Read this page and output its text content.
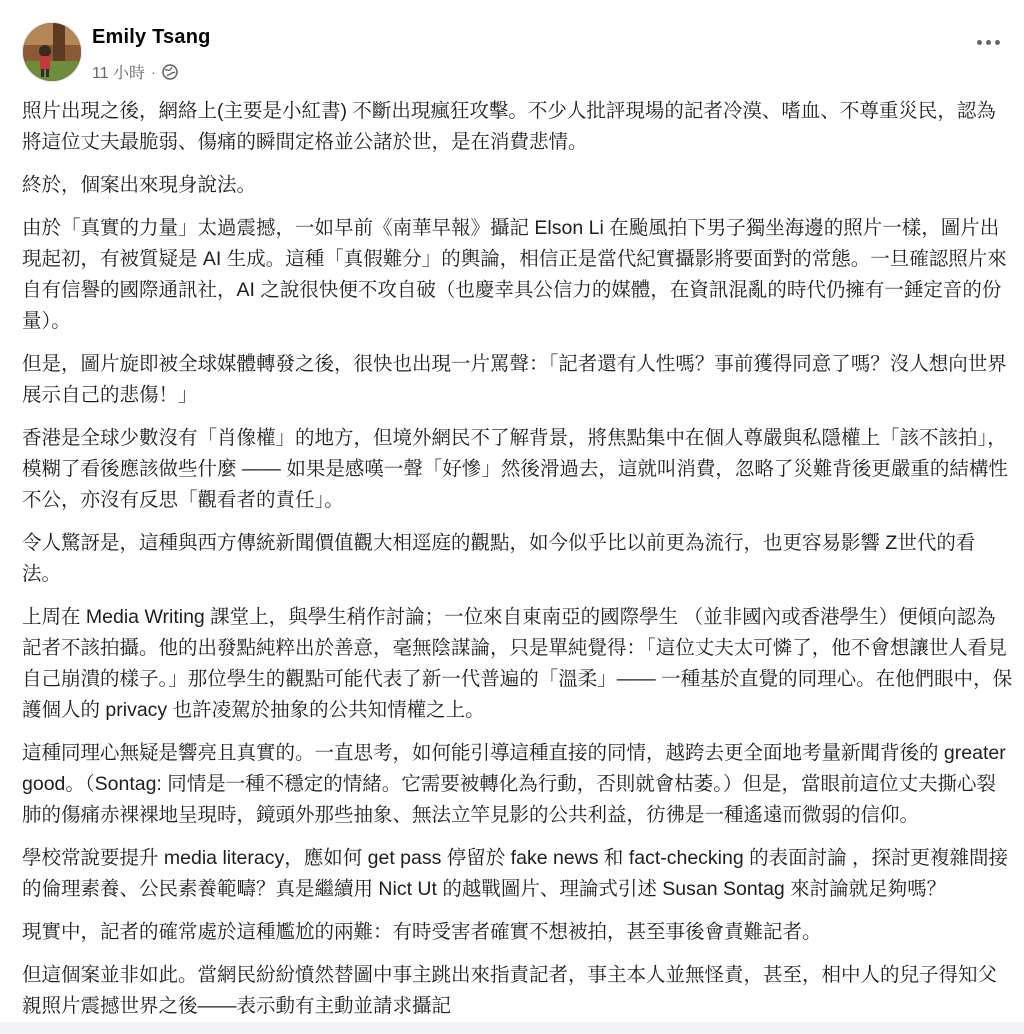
Emily Tsang
11 小時 ·

照片出現之後，網絡上(主要是小紅書) 不斷出現瘋狂攻擊。不少人批評現場的記者冷漠、嗜血、不尊重災民，認為將這位丈夫最脆弱、傷痛的瞬間定格並公諸於世，是在消費悲情。

終於，個案出來現身說法。

由於「真實的力量」太過震撼，一如早前《南華早報》攝記 Elson Li 在颱風拍下男子獨坐海邊的照片一樣，圖片出現起初，有被質疑是 AI 生成。這種「真假難分」的輿論，相信正是當代紀實攝影將要面對的常態。一旦確認照片來自有信譽的國際通訊社，AI 之說很快便不攻自破（也慶幸具公信力的媒體，在資訊混亂的時代仍擁有一錘定音的份量）。

但是，圖片旋即被全球媒體轉發之後，很快也出現一片罵聲：「記者還有人性嗎？事前獲得同意了嗎？沒人想向世界展示自己的悲傷！」

香港是全球少數沒有「肖像權」的地方，但境外網民不了解背景，將焦點集中在個人尊嚴與私隱權上「該不該拍」，模糊了看後應該做些什麼 —— 如果是感嘆一聲「好慘」然後滑過去，這就叫消費，忽略了災難背後更嚴重的結構性不公，亦沒有反思「觀看者的責任」。

令人驚訝是，這種與西方傳統新聞價值觀大相逕庭的觀點，如今似乎比以前更為流行，也更容易影響 Z世代的看法。

上周在 Media Writing 課堂上，與學生稍作討論；一位來自東南亞的國際學生 （並非國內或香港學生）便傾向認為記者不該拍攝。他的出發點純粹出於善意，毫無陰謀論，只是單純覺得：「這位丈夫太可憐了，他不會想讓世人看見自己崩潰的樣子。」那位學生的觀點可能代表了新一代普遍的「溫柔」—— 一種基於直覺的同理心。在他們眼中，保護個人的 privacy 也許凌駕於抽象的公共知情權之上。

這種同理心無疑是響亮且真實的。一直思考，如何能引導這種直接的同情，越跨去更全面地考量新聞背後的 greater good。（Sontag: 同情是一種不穩定的情緒。它需要被轉化為行動，否則就會枯萎。）但是，當眼前這位丈夫撕心裂肺的傷痛赤裸裸地呈現時，鏡頭外那些抽象、無法立竿見影的公共利益，彷彿是一種遙遠而微弱的信仰。

學校常說要提升 media literacy，應如何 get pass 停留於 fake news 和 fact-checking 的表面討論 ，探討更複雜間接的倫理素養、公民素養範疇？真是繼續用 Nict Ut 的越戰圖片、理論式引述 Susan Sontag 來討論就足夠嗎？

現實中，記者的確常處於這種尷尬的兩難：有時受害者確實不想被拍，甚至事後會責難記者。

但這個案並非如此。當網民紛紛憤然替圖中事主跳出來指責記者，事主本人並無怪責，甚至，相中人的兒子得知父親照片震撼世界之後——表示動有主動並請求攝記
